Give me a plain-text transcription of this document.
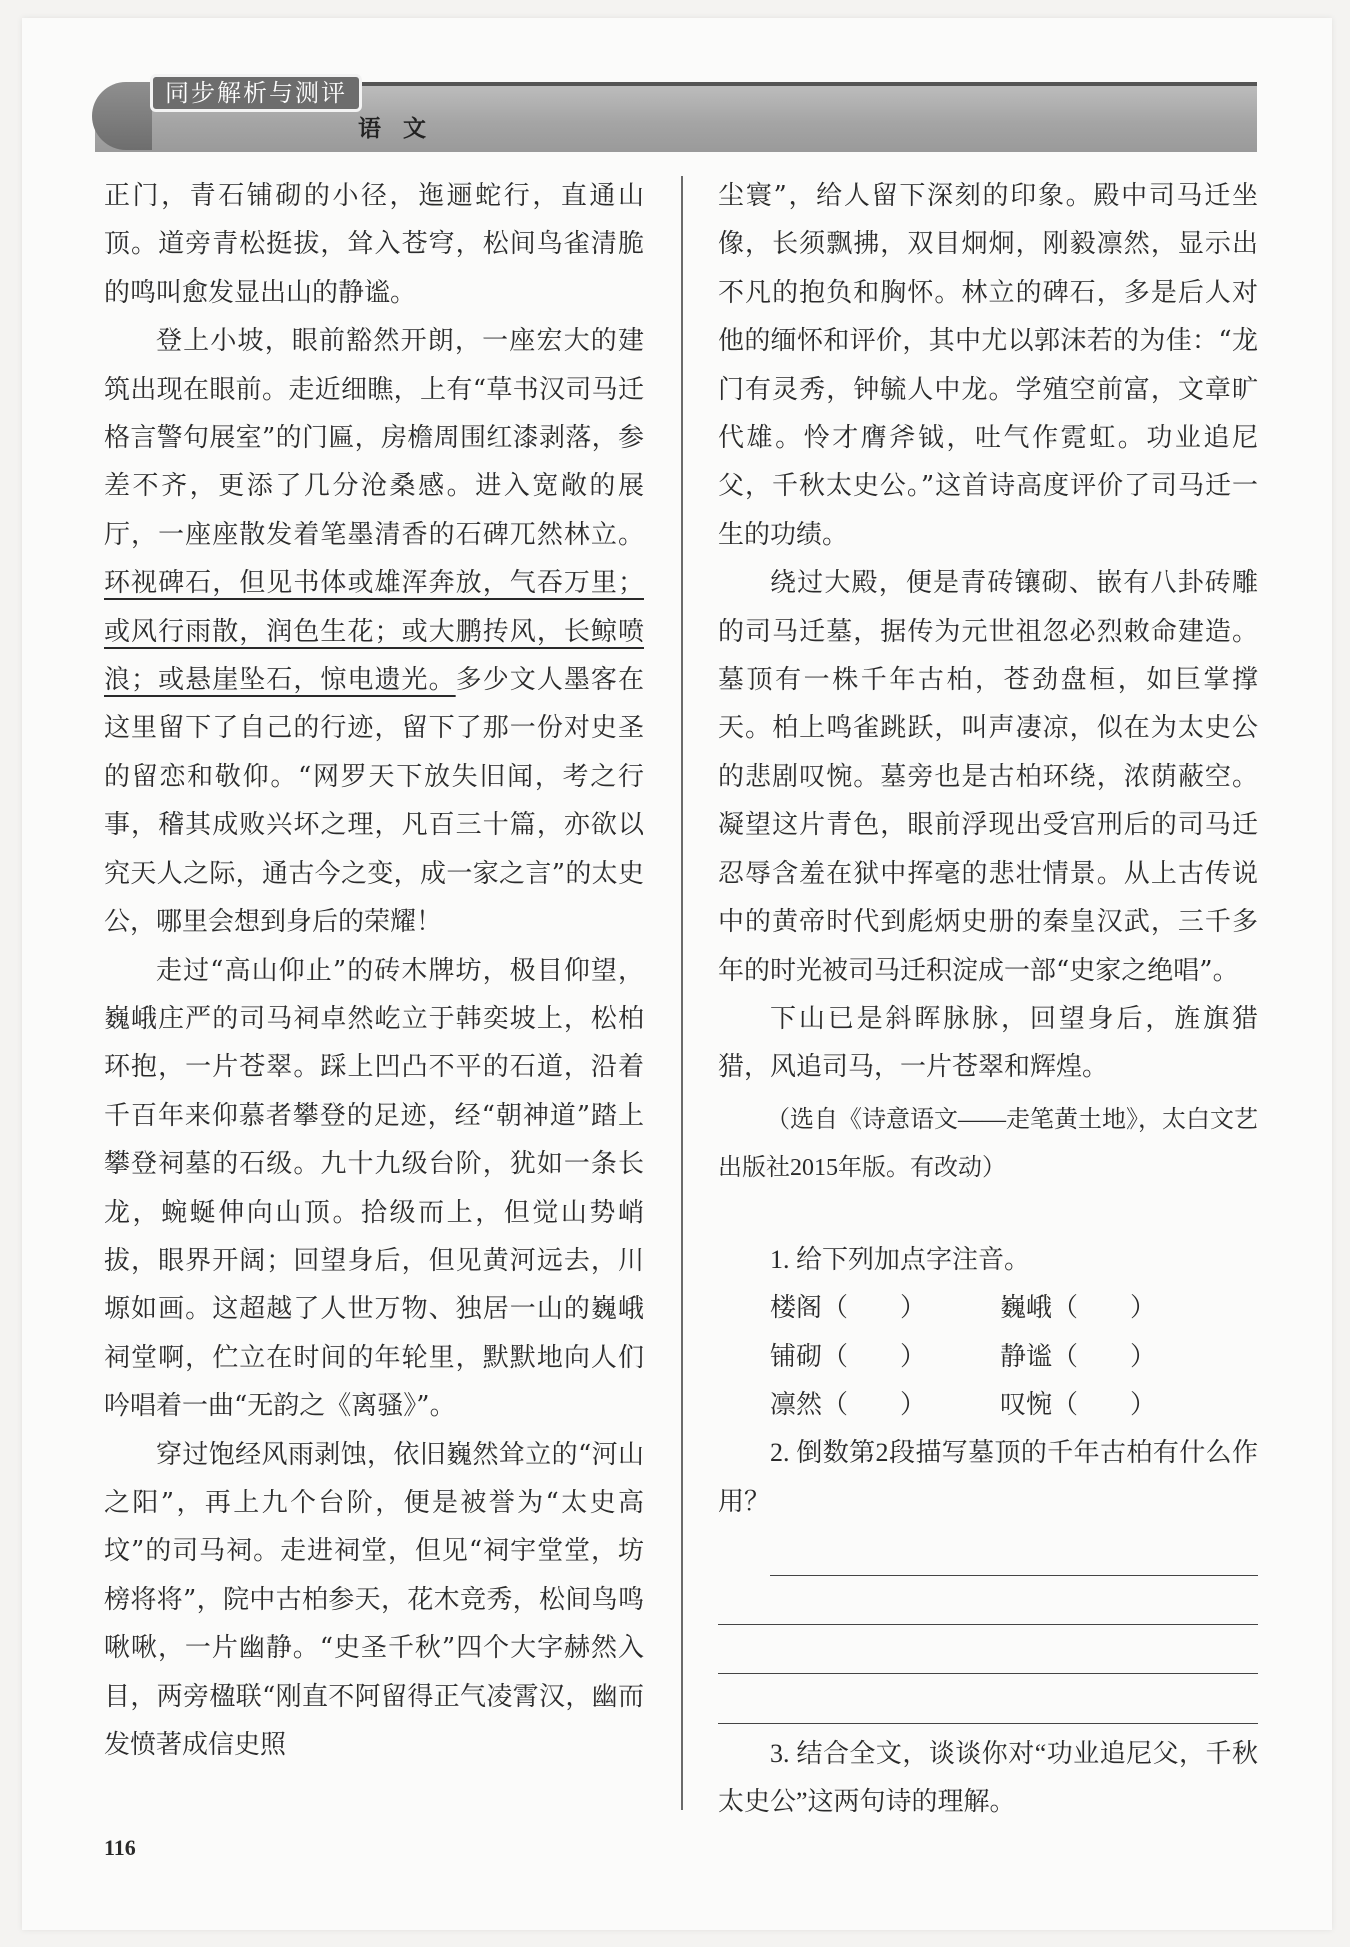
同步解析与测评
语文

正门，青石铺砌的小径，迤逦蛇行，直通山顶。道旁青松挺拔，耸入苍穹，松间鸟雀清脆的鸣叫愈发显出山的静谧。

登上小坡，眼前豁然开朗，一座宏大的建筑出现在眼前。走近细瞧，上有“草书汉司马迁格言警句展室”的门匾，房檐周围红漆剥落，参差不齐，更添了几分沧桑感。进入宽敞的展厅，一座座散发着笔墨清香的石碑兀然林立。环视碑石，但见书体或雄浑奔放，气吞万里；或风行雨散，润色生花；或大鹏抟风，长鲸喷浪；或悬崖坠石，惊电遗光。多少文人墨客在这里留下了自己的行迹，留下了那一份对史圣的留恋和敬仰。“网罗天下放失旧闻，考之行事，稽其成败兴坏之理，凡百三十篇，亦欲以究天人之际，通古今之变，成一家之言”的太史公，哪里会想到身后的荣耀！

走过“高山仰止”的砖木牌坊，极目仰望，巍峨庄严的司马祠卓然屹立于韩奕坡上，松柏环抱，一片苍翠。踩上凹凸不平的石道，沿着千百年来仰慕者攀登的足迹，经“朝神道”踏上攀登祠墓的石级。九十九级台阶，犹如一条长龙，蜿蜒伸向山顶。拾级而上，但觉山势峭拔，眼界开阔；回望身后，但见黄河远去，川塬如画。这超越了人世万物、独居一山的巍峨祠堂啊，伫立在时间的年轮里，默默地向人们吟唱着一曲“无韵之《离骚》”。

穿过饱经风雨剥蚀，依旧巍然耸立的“河山之阳”，再上九个台阶，便是被誉为“太史高坟”的司马祠。走进祠堂，但见“祠宇堂堂，坊榜将将”，院中古柏参天，花木竞秀，松间鸟鸣啾啾，一片幽静。“史圣千秋”四个大字赫然入目，两旁楹联“刚直不阿留得正气凌霄汉，幽而发愤著成信史照

尘寰”，给人留下深刻的印象。殿中司马迁坐像，长须飘拂，双目炯炯，刚毅凛然，显示出不凡的抱负和胸怀。林立的碑石，多是后人对他的缅怀和评价，其中尤以郭沫若的为佳：“龙门有灵秀，钟毓人中龙。学殖空前富，文章旷代雄。怜才膺斧钺，吐气作霓虹。功业追尼父，千秋太史公。”这首诗高度评价了司马迁一生的功绩。

绕过大殿，便是青砖镶砌、嵌有八卦砖雕的司马迁墓，据传为元世祖忽必烈敕命建造。墓顶有一株千年古柏，苍劲盘桓，如巨掌撑天。柏上鸣雀跳跃，叫声凄凉，似在为太史公的悲剧叹惋。墓旁也是古柏环绕，浓荫蔽空。凝望这片青色，眼前浮现出受宫刑后的司马迁忍辱含羞在狱中挥毫的悲壮情景。从上古传说中的黄帝时代到彪炳史册的秦皇汉武，三千多年的时光被司马迁积淀成一部“史家之绝唱”。

下山已是斜晖脉脉，回望身后，旌旗猎猎，风追司马，一片苍翠和辉煌。

（选自《诗意语文——走笔黄土地》，太白文艺出版社2015年版。有改动）

1. 给下列加点字注音。

楼阁（　　）	巍峨（　　）
铺砌（　　）	静谧（　　）
凛然（　　）	叹惋（　　）

2. 倒数第2段描写墓顶的千年古柏有什么作用？

3. 结合全文，谈谈你对“功业追尼父，千秋太史公”这两句诗的理解。

116
